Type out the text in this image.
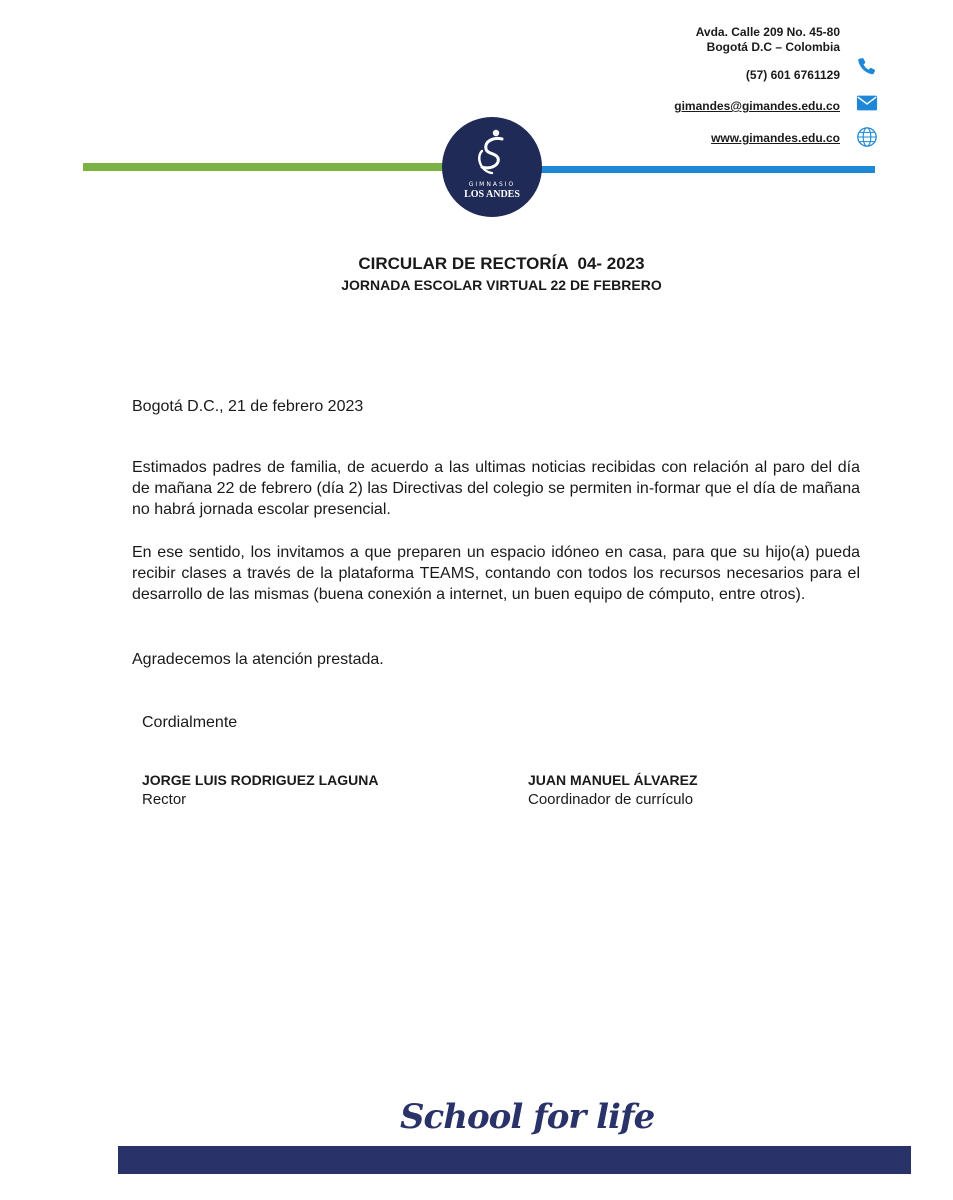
Avda. Calle 209 No. 45-80
Bogotá D.C – Colombia
(57) 601 6761129
gimandes@gimandes.edu.co
www.gimandes.edu.co
GIMNASIO
LOS ANDES
CIRCULAR DE RECTORÍA  04- 2023
JORNADA ESCOLAR VIRTUAL 22 DE FEBRERO
Bogotá D.C., 21 de febrero 2023
Estimados padres de familia, de acuerdo a las ultimas noticias recibidas con relación al paro del día de mañana 22 de febrero (día 2) las Directivas del colegio se permiten in-formar que el día de mañana no habrá jornada escolar presencial.
En ese sentido, los invitamos a que preparen un espacio idóneo en casa, para que su hijo(a) pueda recibir clases a través de la plataforma TEAMS, contando con todos los recursos necesarios para el desarrollo de las mismas (buena conexión a internet, un buen equipo de cómputo, entre otros).
Agradecemos la atención prestada.
Cordialmente
JORGE LUIS RODRIGUEZ LAGUNA
Rector
JUAN MANUEL ÁLVAREZ
Coordinador de currículo
School for life
